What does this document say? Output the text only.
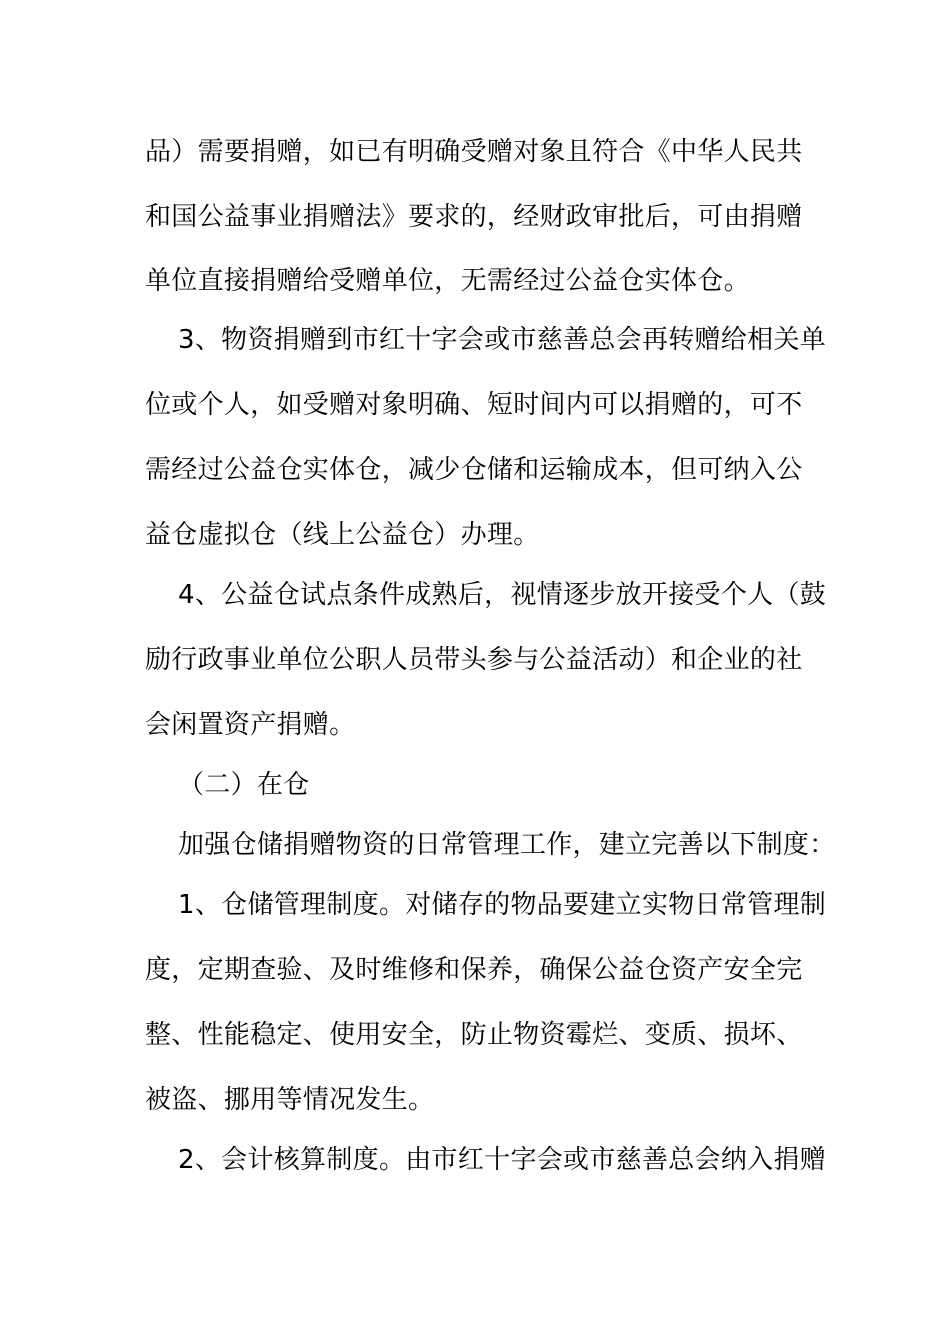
品）需要捐赠，如已有明确受赠对象且符合《中华人民共
和国公益事业捐赠法》要求的，经财政审批后，可由捐赠
单位直接捐赠给受赠单位，无需经过公益仓实体仓。
3、物资捐赠到市红十字会或市慈善总会再转赠给相关单
位或个人，如受赠对象明确、短时间内可以捐赠的，可不
需经过公益仓实体仓，减少仓储和运输成本，但可纳入公
益仓虚拟仓（线上公益仓）办理。
4、公益仓试点条件成熟后，视情逐步放开接受个人（鼓
励行政事业单位公职人员带头参与公益活动）和企业的社
会闲置资产捐赠。
（二）在仓
加强仓储捐赠物资的日常管理工作，建立完善以下制度：
1、仓储管理制度。对储存的物品要建立实物日常管理制
度，定期查验、及时维修和保养，确保公益仓资产安全完
整、性能稳定、使用安全，防止物资霉烂、变质、损坏、
被盗、挪用等情况发生。
2、会计核算制度。由市红十字会或市慈善总会纳入捐赠
